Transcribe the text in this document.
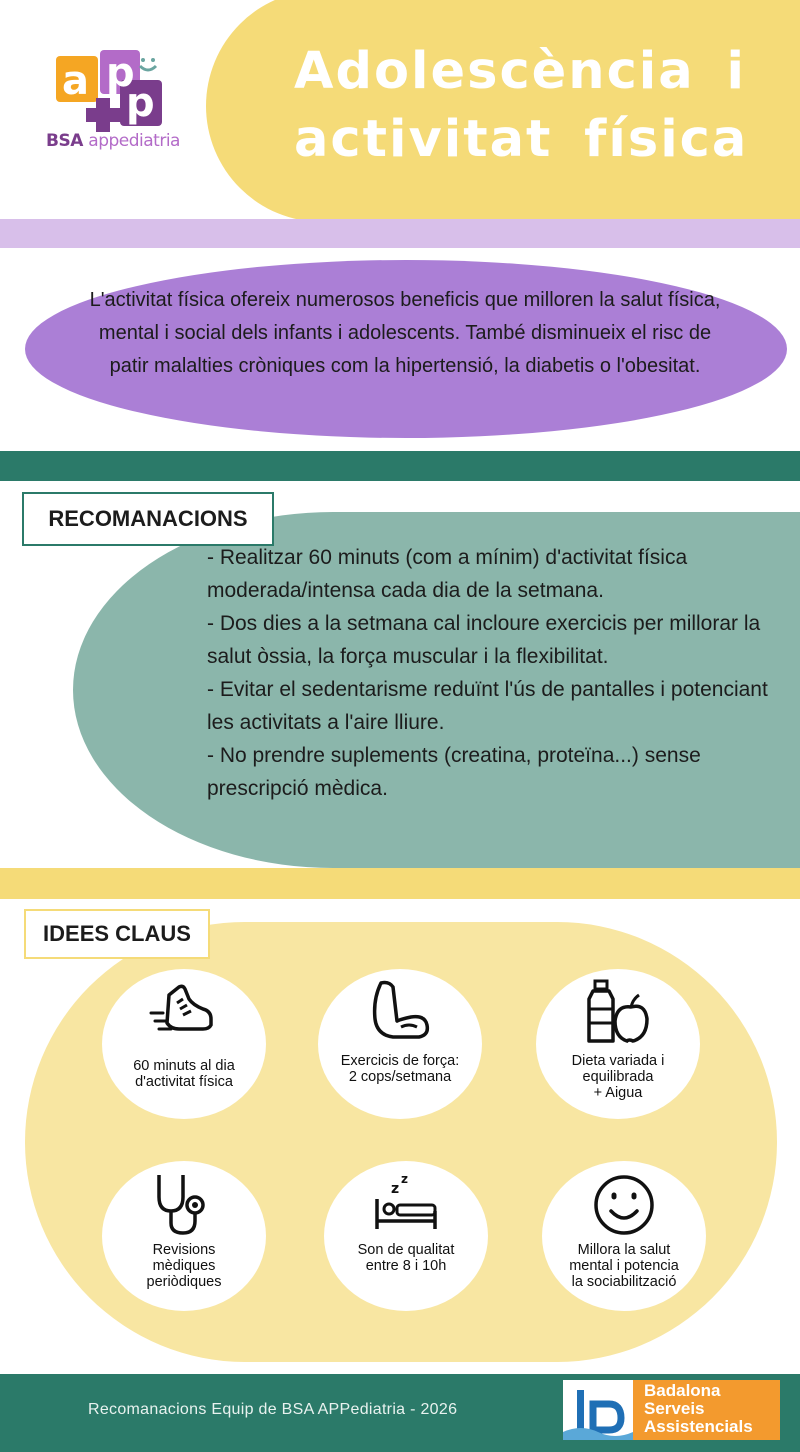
Adolescència i activitat física
a p
p
BSA appediatria
L'activitat física ofereix numerosos beneficis que milloren la salut física, mental i social dels infants i adolescents. També disminueix el risc de patir malalties cròniques com la hipertensió, la diabetis o l'obesitat.
RECOMANACIONS

- Realitzar 60 minuts (com a mínim) d'activitat física moderada/intensa cada dia de la setmana.

- Dos dies a la setmana cal incloure exercicis per millorar la salut òssia, la força muscular i la flexibilitat.

- Evitar el sedentarisme reduïnt l'ús de pantalles i potenciant les activitats a l'aire lliure.

- No prendre suplements (creatina, proteïna...) sense prescripció mèdica.

IDEES CLAUS
60 minuts al dia
d'activitat física
Exercicis de força:
2 cops/setmana
Dieta variada i
equilibrada
+ Aigua
Revisions
mèdiques
periòdiques
z
z
Son de qualitat
entre 8 i 10h
Millora la salut
mental i potencia
la sociabilització
Recomanacions Equip de BSA APPediatria - 2026
Badalona
Serveis
Assistencials
